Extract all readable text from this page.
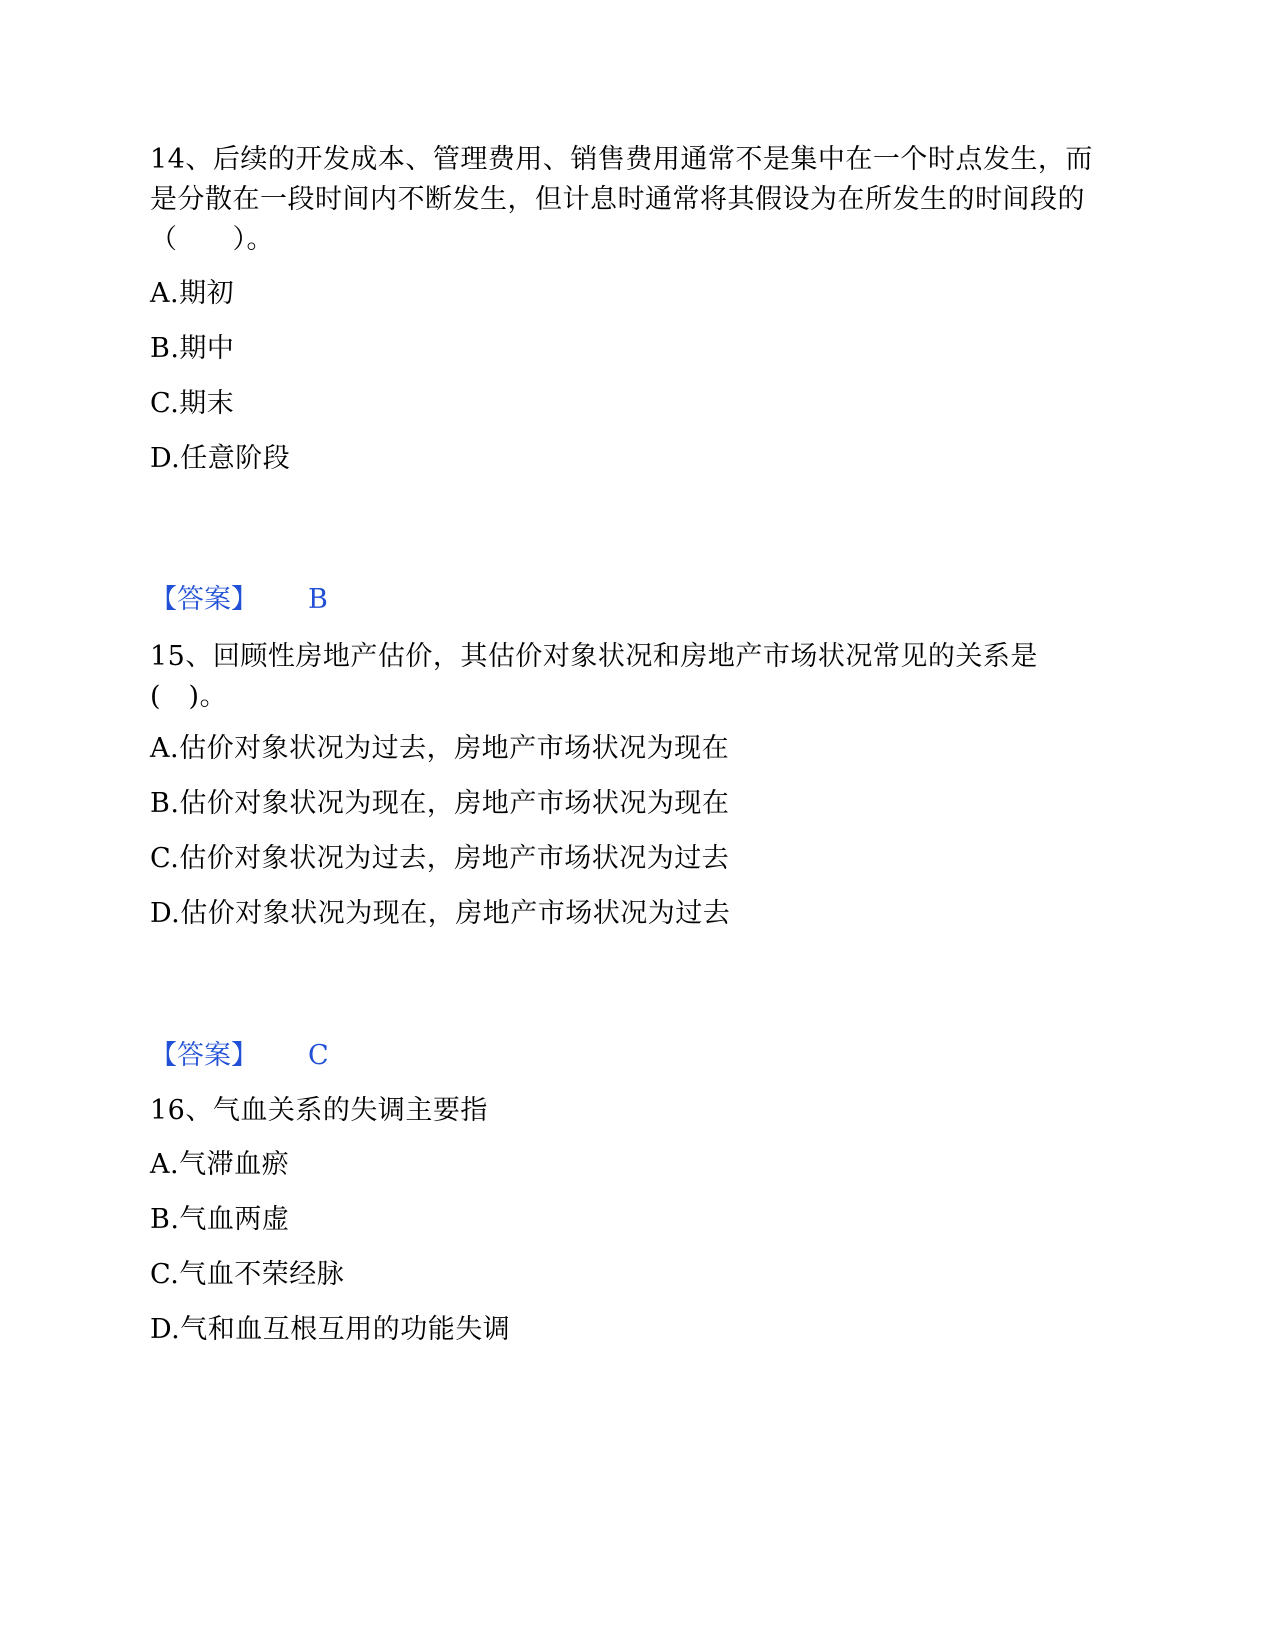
14、后续的开发成本、管理费用、销售费用通常不是集中在一个时点发生，而是分散在一段时间内不断发生，但计息时通常将其假设为在所发生的时间段的（　　）。

A.期初

B.期中

C.期末

D.任意阶段

【答案】 B

15、回顾性房地产估价，其估价对象状况和房地产市场状况常见的关系是(　)。

A.估价对象状况为过去，房地产市场状况为现在

B.估价对象状况为现在，房地产市场状况为现在

C.估价对象状况为过去，房地产市场状况为过去

D.估价对象状况为现在，房地产市场状况为过去

【答案】 C

16、气血关系的失调主要指

A.气滞血瘀

B.气血两虚

C.气血不荣经脉

D.气和血互根互用的功能失调
